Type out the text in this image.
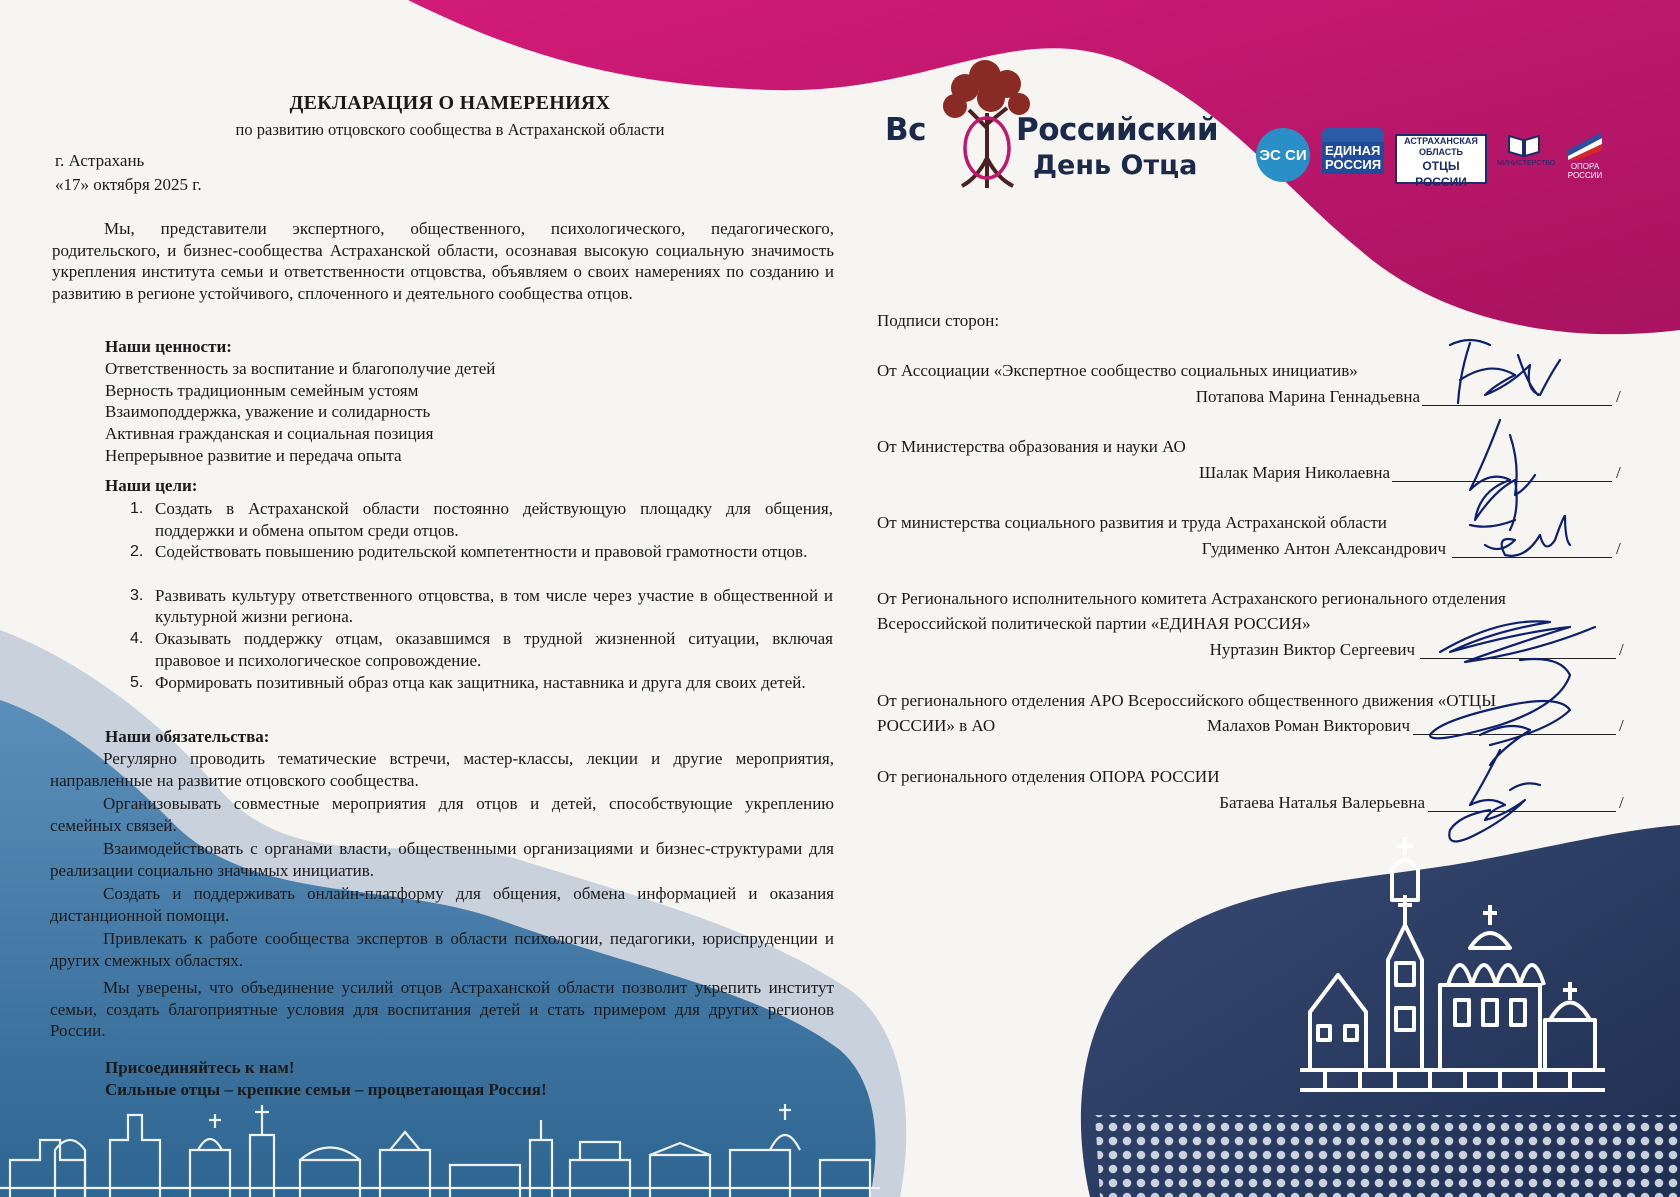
ДЕКЛАРАЦИЯ О НАМЕРЕНИЯХ
по развитию отцовского сообщества в Астраханской области
г. Астрахань
«17» октября 2025 г.
Мы, представители экспертного, общественного, психологического, педагогического, родительского, и бизнес-сообщества Астраханской области, осознавая высокую социальную значимость укрепления института семьи и ответственности отцовства, объявляем о своих намерениях по созданию и развитию в регионе устойчивого, сплоченного и деятельного сообщества отцов.
Наши ценности:
Ответственность за воспитание и благополучие детей
Верность традиционным семейным устоям
Взаимоподдержка, уважение и солидарность
Активная гражданская и социальная позиция
Непрерывное развитие и передача опыта
Наши цели:
1. Создать в Астраханской области постоянно действующую площадку для общения, поддержки и обмена опытом среди отцов.
2. Содействовать повышению родительской компетентности и правовой грамотности отцов.
3. Развивать культуру ответственного отцовства, в том числе через участие в общественной и культурной жизни региона.
4. Оказывать поддержку отцам, оказавшимся в трудной жизненной ситуации, включая правовое и психологическое сопровождение.
5. Формировать позитивный образ отца как защитника, наставника и друга для своих детей.
Наши обязательства:

Регулярно проводить тематические встречи, мастер-классы, лекции и другие мероприятия, направленные на развитие отцовского сообщества.

Организовывать совместные мероприятия для отцов и детей, способствующие укреплению семейных связей.

Взаимодействовать с органами власти, общественными организациями и бизнес-структурами для реализации социально значимых инициатив.

Создать и поддерживать онлайн-платформу для общения, обмена информацией и оказания дистанционной помощи.

Привлекать к работе сообщества экспертов в области психологии, педагогики, юриспруденции и других смежных областях.

Мы уверены, что объединение усилий отцов Астраханской области позволит укрепить институт семьи, создать благоприятные условия для воспитания детей и стать примером для других регионов России.
Присоединяйтесь к нам!
Сильные отцы – крепкие семьи – процветающая Россия!
Вс	Российский
День Отца	ЭС СИ ЕДИНАЯ
РОССИЯ
АСТРАХАНСКАЯ ОБЛАСТЬ
ОТЦЫ РОССИИ
МИНИСТЕРСТВО	ОПОРА РОССИИ
Подписи сторон:
От Ассоциации «Экспертное сообщество социальных инициатив»
Потапова Марина Геннадьевна	/
От Министерства образования и науки АО
Шалак Мария Николаевна	/
От министерства социального развития и труда Астраханской области
Гудименко Антон Александрович	/
От Регионального исполнительного комитета Астраханского регионального отделения
Всероссийской политической партии «ЕДИНАЯ РОССИЯ»
Нуртазин Виктор Сергеевич	/
От регионального отделения АРО Всероссийского общественного движения «ОТЦЫ
РОССИИ» в АО	Малахов Роман Викторович	/
От регионального отделения ОПОРА РОССИИ
Батаева Наталья Валерьевна	/
